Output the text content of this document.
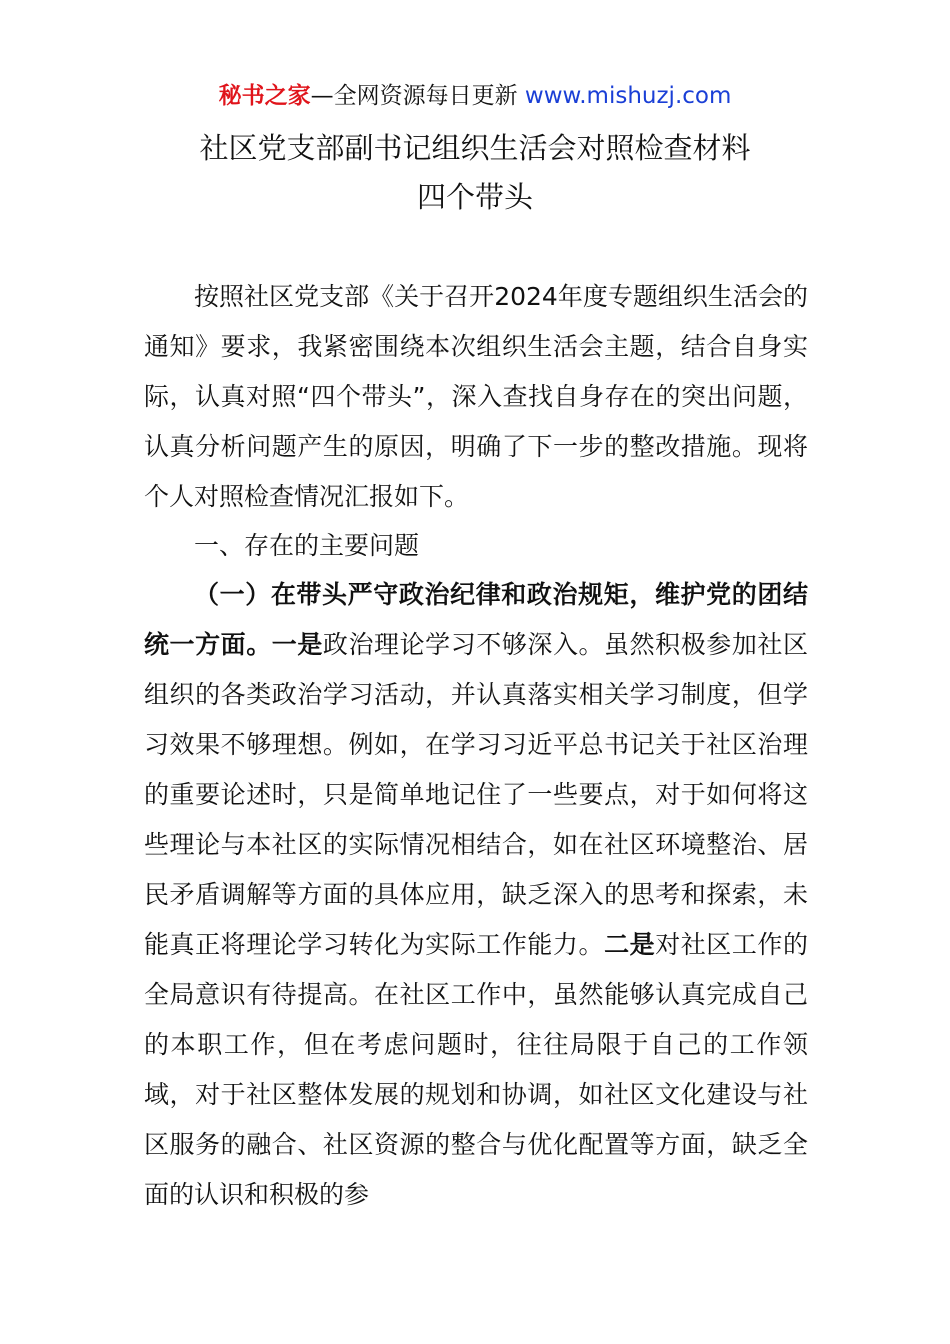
秘书之家—全网资源每日更新 www.mishuzj.com
社区党支部副书记组织生活会对照检查材料
四个带头

按照社区党支部《关于召开2024年度专题组织生活会的通知》要求，我紧密围绕本次组织生活会主题，结合自身实际，认真对照“四个带头”，深入查找自身存在的突出问题，认真分析问题产生的原因，明确了下一步的整改措施。现将个人对照检查情况汇报如下。

一、存在的主要问题

（一）在带头严守政治纪律和政治规矩，维护党的团结统一方面。一是政治理论学习不够深入。虽然积极参加社区组织的各类政治学习活动，并认真落实相关学习制度，但学习效果不够理想。例如，在学习习近平总书记关于社区治理的重要论述时，只是简单地记住了一些要点，对于如何将这些理论与本社区的实际情况相结合，如在社区环境整治、居民矛盾调解等方面的具体应用，缺乏深入的思考和探索，未能真正将理论学习转化为实际工作能力。二是对社区工作的全局意识有待提高。在社区工作中，虽然能够认真完成自己的本职工作，但在考虑问题时，往往局限于自己的工作领域，对于社区整体发展的规划和协调，如社区文化建设与社区服务的融合、社区资源的整合与优化配置等方面，缺乏全面的认识和积极的参
